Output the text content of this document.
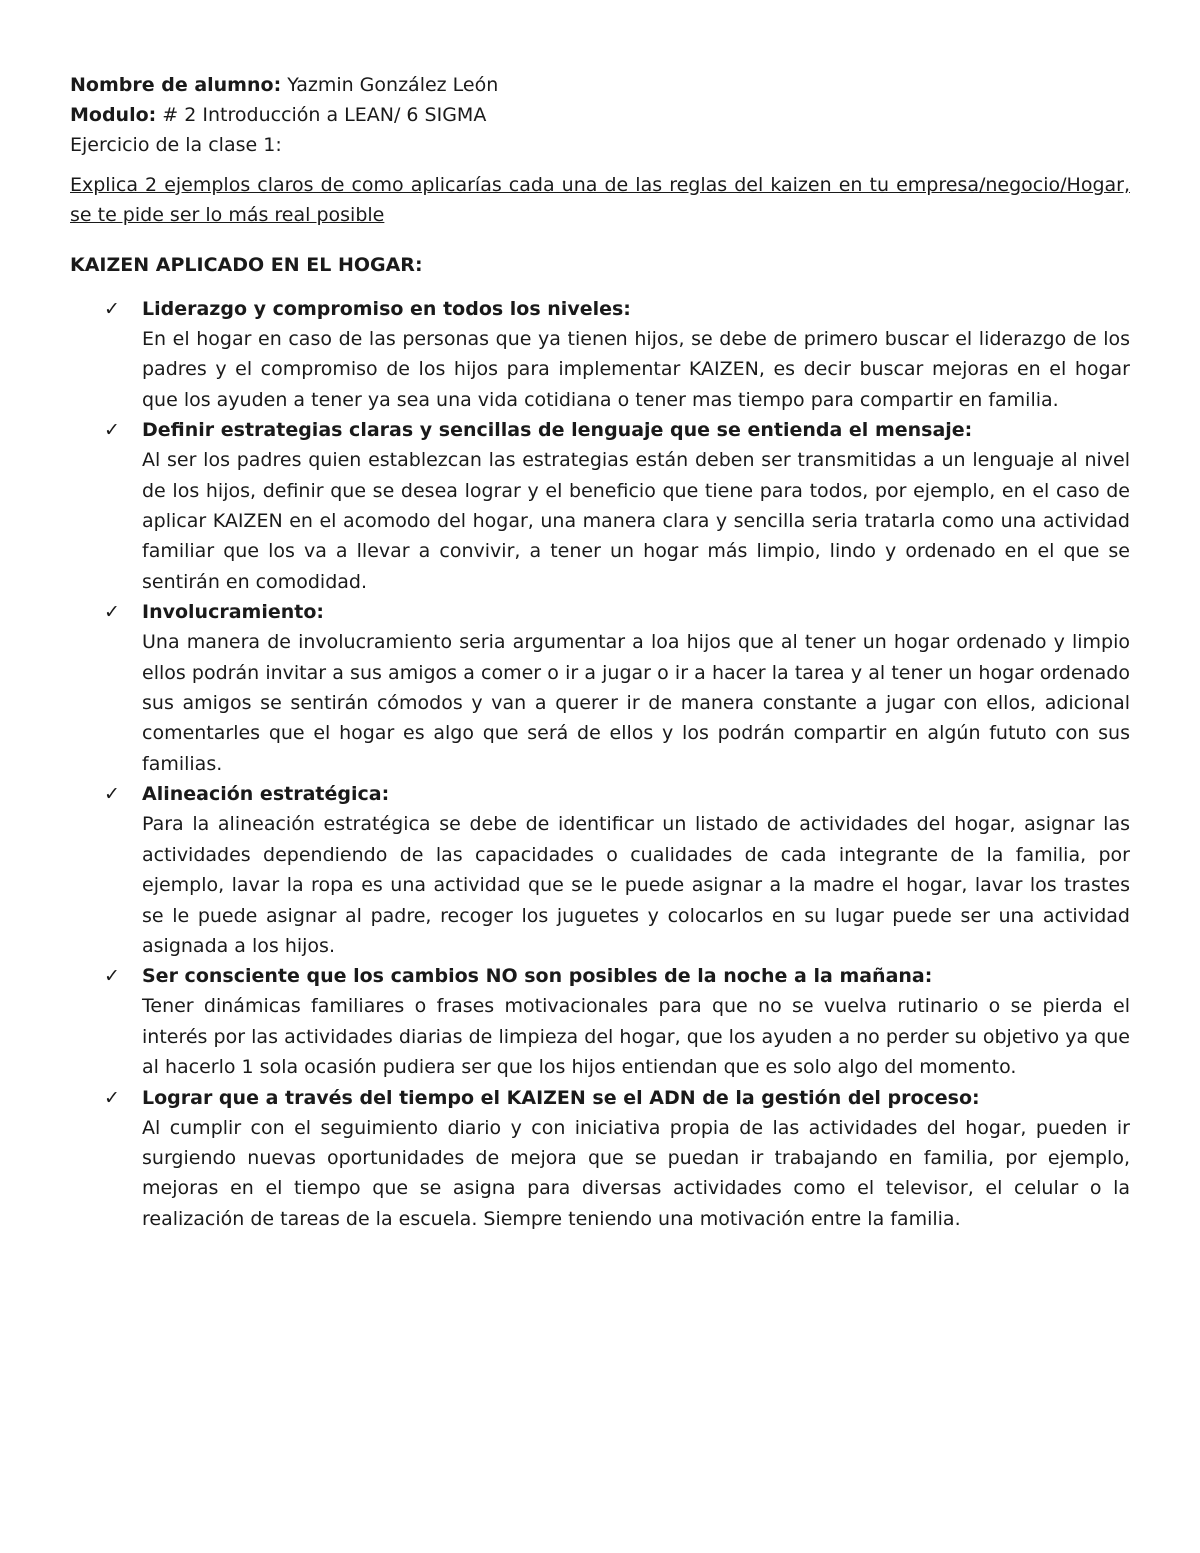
Nombre de alumno: Yazmin González León

Modulo: # 2 Introducción a LEAN/ 6 SIGMA

Ejercicio de la clase 1:

Explica 2 ejemplos claros de como aplicarías cada una de las reglas del kaizen en tu empresa/negocio/Hogar, se te pide ser lo más real posible

KAIZEN APLICADO EN EL HOGAR:

✓ Liderazgo y compromiso en todos los niveles:
En el hogar en caso de las personas que ya tienen hijos, se debe de primero buscar el liderazgo de los padres y el compromiso de los hijos para implementar KAIZEN, es decir buscar mejoras en el hogar que los ayuden a tener ya sea una vida cotidiana o tener mas tiempo para compartir en familia.
✓ Definir estrategias claras y sencillas de lenguaje que se entienda el mensaje:
Al ser los padres quien establezcan las estrategias están deben ser transmitidas a un lenguaje al nivel de los hijos, definir que se desea lograr y el beneficio que tiene para todos, por ejemplo, en el caso de aplicar KAIZEN en el acomodo del hogar, una manera clara y sencilla seria tratarla como una actividad familiar que los va a llevar a convivir, a tener un hogar más limpio, lindo y ordenado en el que se sentirán en comodidad.
✓ Involucramiento:
Una manera de involucramiento seria argumentar a loa hijos que al tener un hogar ordenado y limpio ellos podrán invitar a sus amigos a comer o ir a jugar o ir a hacer la tarea y al tener un hogar ordenado sus amigos se sentirán cómodos y van a querer ir de manera constante a jugar con ellos, adicional comentarles que el hogar es algo que será de ellos y los podrán compartir en algún fututo con sus familias.
✓ Alineación estratégica:
Para la alineación estratégica se debe de identificar un listado de actividades del hogar, asignar las actividades dependiendo de las capacidades o cualidades de cada integrante de la familia, por ejemplo, lavar la ropa es una actividad que se le puede asignar a la madre el hogar, lavar los trastes se le puede asignar al padre, recoger los juguetes y colocarlos en su lugar puede ser una actividad asignada a los hijos.
✓ Ser consciente que los cambios NO son posibles de la noche a la mañana:
Tener dinámicas familiares o frases motivacionales para que no se vuelva rutinario o se pierda el interés por las actividades diarias de limpieza del hogar, que los ayuden a no perder su objetivo ya que al hacerlo 1 sola ocasión pudiera ser que los hijos entiendan que es solo algo del momento.
✓ Lograr que a través del tiempo el KAIZEN se el ADN de la gestión del proceso:
Al cumplir con el seguimiento diario y con iniciativa propia de las actividades del hogar, pueden ir surgiendo nuevas oportunidades de mejora que se puedan ir trabajando en familia, por ejemplo, mejoras en el tiempo que se asigna para diversas actividades como el televisor, el celular o la realización de tareas de la escuela. Siempre teniendo una motivación entre la familia.
